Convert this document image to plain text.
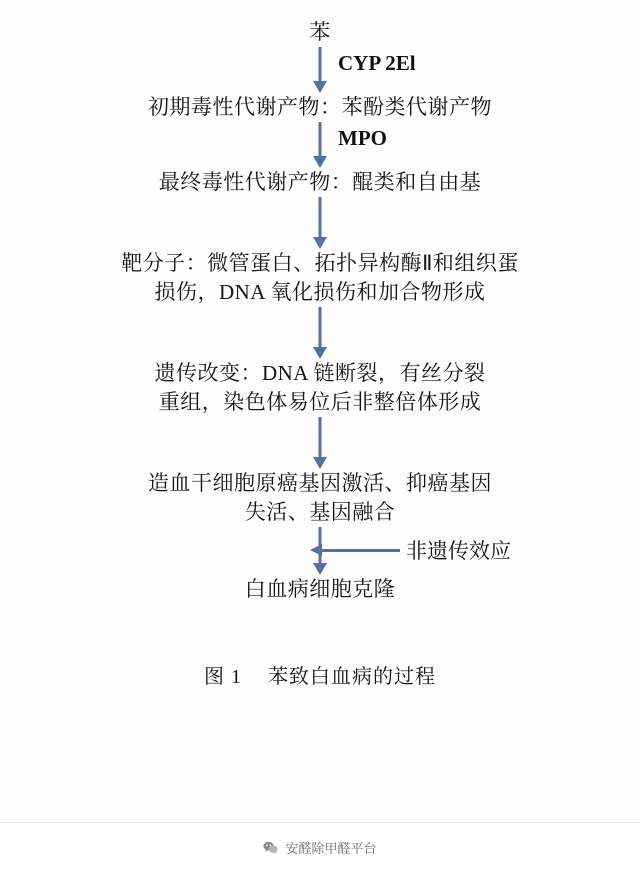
苯
CYP 2El
初期毒性代谢产物：苯酚类代谢产物
MPO
最终毒性代谢产物：醌类和自由基
靶分子：微管蛋白、拓扑异构酶Ⅱ和组织蛋
损伤，DNA 氧化损伤和加合物形成
遗传改变：DNA 链断裂，有丝分裂
重组，染色体易位后非整倍体形成
造血干细胞原癌基因激活、抑癌基因
失活、基因融合
非遗传效应
白血病细胞克隆
图 1 苯致白血病的过程
安醛除甲醛平台
